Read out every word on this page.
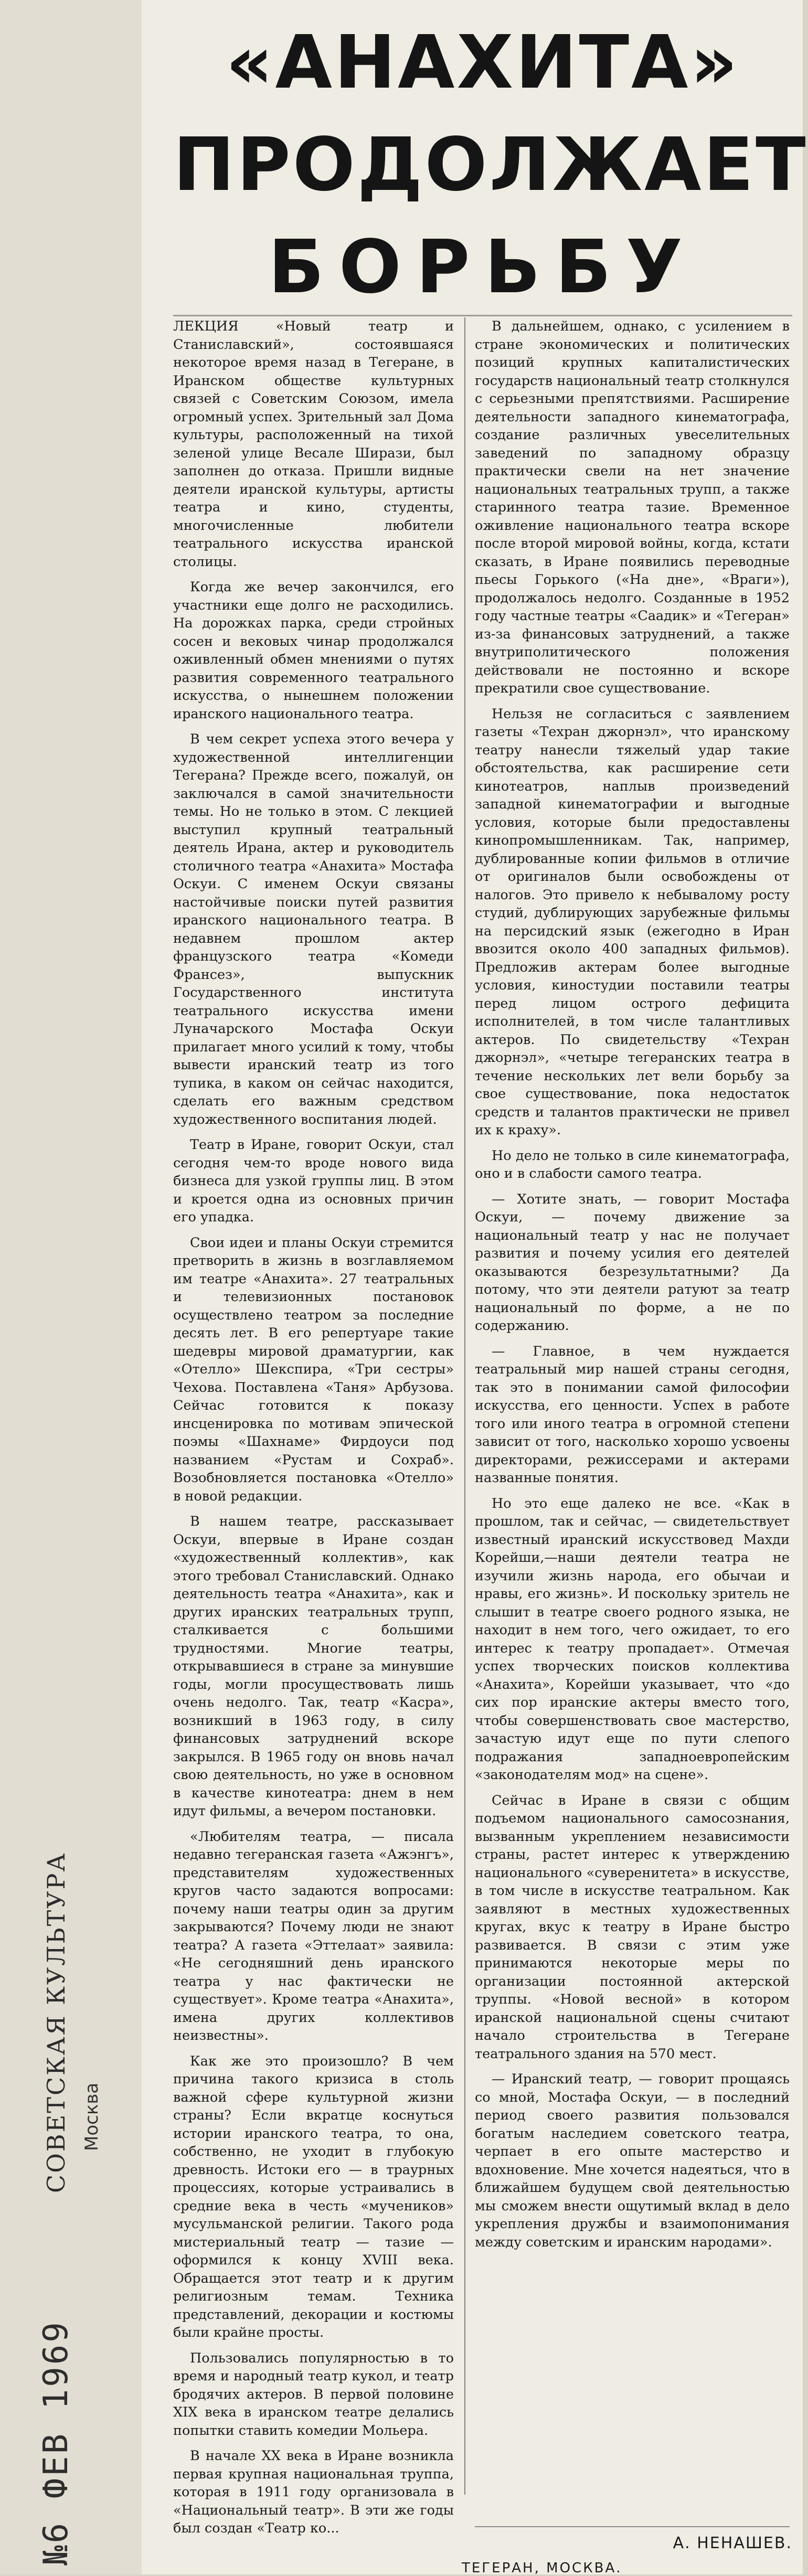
«АНАХИТА»
ПРОДОЛЖАЕТ
БОРЬБУ

ЛЕКЦИЯ «Новый театр и Станиславский», состоявшаяся некоторое время назад в Тегеране, в Иранском обществе культурных связей с Советским Союзом, имела огромный успех. Зрительный зал Дома культуры, расположенный на тихой зеленой улице Весале Ширази, был заполнен до отказа. Пришли видные деятели иранской культуры, артисты театра и кино, студенты, многочисленные любители театрального искусства иранской столицы.

Когда же вечер закончился, его участники еще долго не расходились. На дорожках парка, среди стройных сосен и вековых чинар продолжался оживленный обмен мнениями о путях развития современного театрального искусства, о нынешнем положении иранского национального театра.

В чем секрет успеха этого вечера у художественной интеллигенции Тегерана? Прежде всего, пожалуй, он заключался в самой значительности темы. Но не только в этом. С лекцией выступил крупный театральный деятель Ирана, актер и руководитель столичного театра «Анахита» Мостафа Оскуи. С именем Оскуи связаны настойчивые поиски путей развития иранского национального театра. В недавнем прошлом актер французского театра «Комеди Франсез», выпускник Государственного института театрального искусства имени Луначарского Мостафа Оскуи прилагает много усилий к тому, чтобы вывести иранский театр из того тупика, в каком он сейчас находится, сделать его важным средством художественного воспитания людей.

Театр в Иране, говорит Оскуи, стал сегодня чем-то вроде нового вида бизнеса для узкой группы лиц. В этом и кроется одна из основных причин его упадка.

Свои идеи и планы Оскуи стремится претворить в жизнь в возглавляемом им театре «Анахита». 27 театральных и телевизионных постановок осуществлено театром за последние десять лет. В его репертуаре такие шедевры мировой драматургии, как «Отелло» Шекспира, «Три сестры» Чехова. Поставлена «Таня» Арбузова. Сейчас готовится к показу инсценировка по мотивам эпической поэмы «Шахнаме» Фирдоуси под названием «Рустам и Сохраб». Возобновляется постановка «Отелло» в новой редакции.

В нашем театре, рассказывает Оскуи, впервые в Иране создан «художественный коллектив», как этого требовал Станиславский. Однако деятельность театра «Анахита», как и других иранских театральных трупп, сталкивается с большими трудностями. Многие театры, открывавшиеся в стране за минувшие годы, могли просуществовать лишь очень недолго. Так, театр «Касра», возникший в 1963 году, в силу финансовых затруднений вскоре закрылся. В 1965 году он вновь начал свою деятельность, но уже в основном в качестве кинотеатра: днем в нем идут фильмы, а вечером постановки.

«Любителям театра, — писала недавно тегеранская газета «Ажэнгъ», представителям художественных кругов часто задаются вопросами: почему наши театры один за другим закрываются? Почему люди не знают театра? А газета «Эттелаат» заявила: «Не сегодняшний день иранского театра у нас фактически не существует». Кроме театра «Анахита», имена других коллективов неизвестны».

Как же это произошло? В чем причина такого кризиса в столь важной сфере культурной жизни страны? Если вкратце коснуться истории иранского театра, то она, собственно, не уходит в глубокую древность. Истоки его — в траурных процессиях, которые устраивались в средние века в честь «мучеников» мусульманской религии. Такого рода мистериальный театр — тазие — оформился к концу XVIII века. Обращается этот театр и к другим религиозным темам. Техника представлений, декорации и костюмы были крайне просты.

Пользовались популярностью в то время и народный театр кукол, и театр бродячих актеров. В первой половине XIX века в иранском театре делались попытки ставить комедии Мольера.

В начале XX века в Иране возникла первая крупная национальная труппа, которая в 1911 году организовала в «Национальный театр». В эти же годы был создан «Театр ко...

В дальнейшем, однако, с усилением в стране экономических и политических позиций крупных капиталистических государств национальный театр столкнулся с серьезными препятствиями. Расширение деятельности западного кинематографа, создание различных увеселительных заведений по западному образцу практически свели на нет значение национальных театральных трупп, а также старинного театра тазие. Временное оживление национального театра вскоре после второй мировой войны, когда, кстати сказать, в Иране появились переводные пьесы Горького («На дне», «Враги»), продолжалось недолго. Созданные в 1952 году частные театры «Саадик» и «Тегеран» из-за финансовых затруднений, а также внутриполитического положения действовали не постоянно и вскоре прекратили свое существование.

Нельзя не согласиться с заявлением газеты «Техран джорнэл», что иранскому театру нанесли тяжелый удар такие обстоятельства, как расширение сети кинотеатров, наплыв произведений западной кинематографии и выгодные условия, которые были предоставлены кинопромышленникам. Так, например, дублированные копии фильмов в отличие от оригиналов были освобождены от налогов. Это привело к небывалому росту студий, дублирующих зарубежные фильмы на персидский язык (ежегодно в Иран ввозится около 400 западных фильмов). Предложив актерам более выгодные условия, киностудии поставили театры перед лицом острого дефицита исполнителей, в том числе талантливых актеров. По свидетельству «Техран джорнэл», «четыре тегеранских театра в течение нескольких лет вели борьбу за свое существование, пока недостаток средств и талантов практически не привел их к краху».

Но дело не только в силе кинематографа, оно и в слабости самого театра.

— Хотите знать, — говорит Мостафа Оскуи, — почему движение за национальный театр у нас не получает развития и почему усилия его деятелей оказываются безрезультатными? Да потому, что эти деятели ратуют за театр национальный по форме, а не по содержанию.

— Главное, в чем нуждается театральный мир нашей страны сегодня, так это в понимании самой философии искусства, его ценности. Успех в работе того или иного театра в огромной степени зависит от того, насколько хорошо усвоены директорами, режиссерами и актерами названные понятия.

Но это еще далеко не все. «Как в прошлом, так и сейчас, — свидетельствует известный иранский искусствовед Махди Корейши,—наши деятели театра не изучили жизнь народа, его обычаи и нравы, его жизнь». И поскольку зритель не слышит в театре своего родного языка, не находит в нем того, чего ожидает, то его интерес к театру пропадает». Отмечая успех творческих поисков коллектива «Анахита», Корейши указывает, что «до сих пор иранские актеры вместо того, чтобы совершенствовать свое мастерство, зачастую идут еще по пути слепого подражания западноевропейским «законодателям мод» на сцене».

Сейчас в Иране в связи с общим подъемом национального самосознания, вызванным укреплением независимости страны, растет интерес к утверждению национального «суверенитета» в искусстве, в том числе в искусстве театральном. Как заявляют в местных художественных кругах, вкус к театру в Иране быстро развивается. В связи с этим уже принимаются некоторые меры по организации постоянной актерской труппы. «Новой весной» в котором иранской национальной сцены считают начало строительства в Тегеране театрального здания на 570 мест.

— Иранский театр, — говорит прощаясь со мной, Мостафа Оскуи, — в последний период своего развития пользовался богатым наследием советского театра, черпает в его опыте мастерство и вдохновение. Мне хочется надеяться, что в ближайшем будущем свой деятельностью мы сможем внести ощутимый вклад в дело укрепления дружбы и взаимопонимания между советским и иранским народами».

А. НЕНАШЕВ.
ТЕГЕРАН, МОСКВА.
СОВЕТСКАЯ КУЛЬТУРА Москва
№6 ФЕВ 1969
